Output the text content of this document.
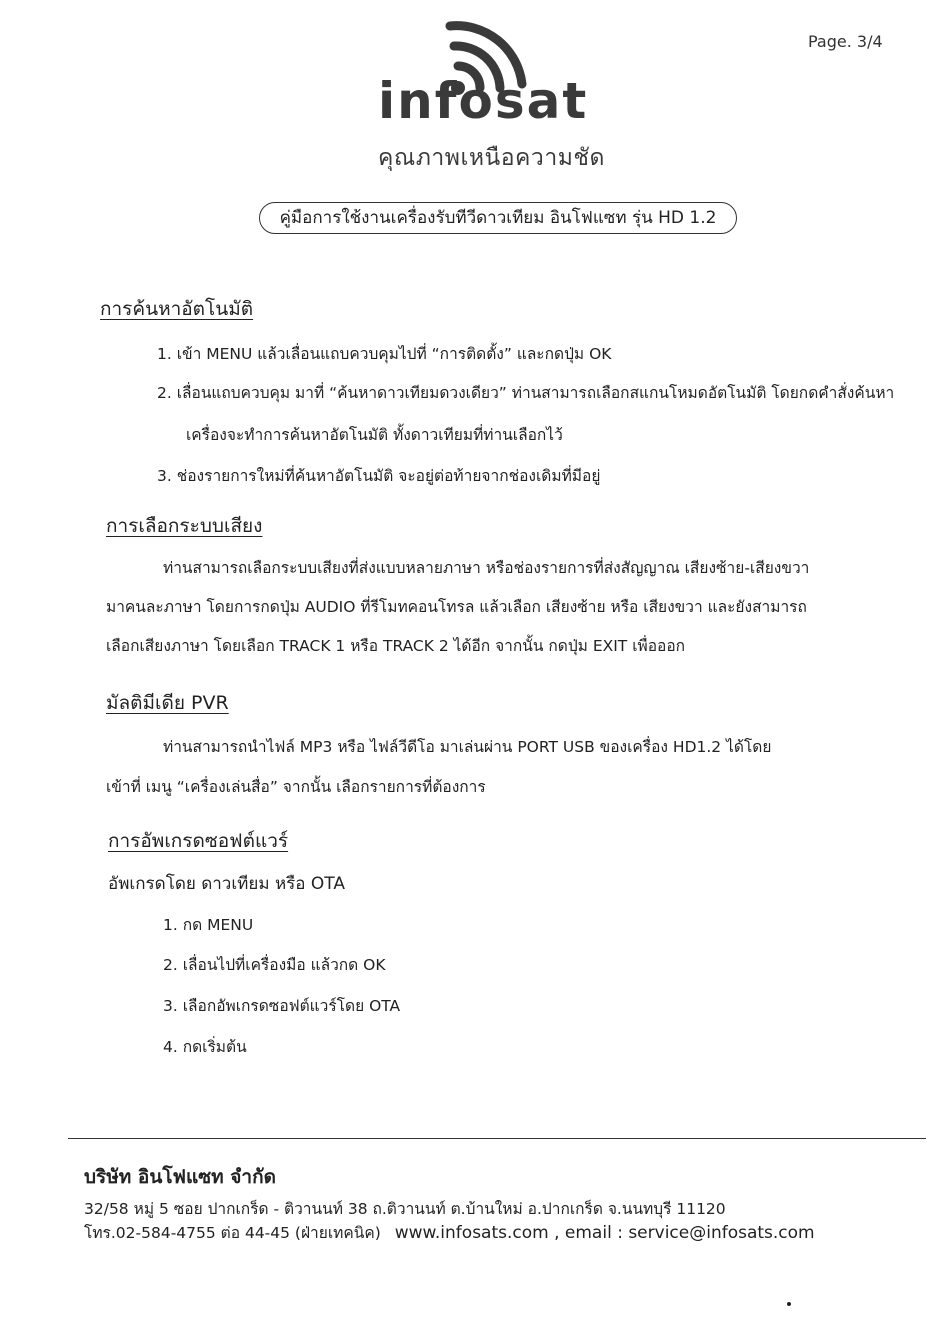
Page. 3/4
infosat
คุณภาพเหนือความชัด
คู่มือการใช้งานเครื่องรับทีวีดาวเทียม อินโฟแซท รุ่น HD 1.2
การค้นหาอัตโนมัติ
1. เข้า MENU แล้วเลื่อนแถบควบคุมไปที่ “การติดตั้ง” และกดปุ่ม OK
2. เลื่อนแถบควบคุม มาที่ “ค้นหาดาวเทียมดวงเดียว” ท่านสามารถเลือกสแกนโหมดอัตโนมัติ โดยกดคำสั่งค้นหา
เครื่องจะทำการค้นหาอัตโนมัติ ทั้งดาวเทียมที่ท่านเลือกไว้
3. ช่องรายการใหม่ที่ค้นหาอัตโนมัติ จะอยู่ต่อท้ายจากช่องเดิมที่มีอยู่
การเลือกระบบเสียง
ท่านสามารถเลือกระบบเสียงที่ส่งแบบหลายภาษา หรือช่องรายการที่ส่งสัญญาณ เสียงซ้าย-เสียงขวา
มาคนละภาษา โดยการกดปุ่ม AUDIO ที่รีโมทคอนโทรล แล้วเลือก เสียงซ้าย หรือ เสียงขวา และยังสามารถ
เลือกเสียงภาษา โดยเลือก TRACK 1 หรือ TRACK 2 ได้อีก จากนั้น กดปุ่ม EXIT เพื่อออก
มัลติมีเดีย PVR
ท่านสามารถนำไฟล์ MP3 หรือ ไฟล์วีดีโอ มาเล่นผ่าน PORT USB ของเครื่อง HD1.2 ได้โดย
เข้าที่ เมนู “เครื่องเล่นสื่อ” จากนั้น เลือกรายการที่ต้องการ
การอัพเกรดซอฟต์แวร์
อัพเกรดโดย ดาวเทียม หรือ OTA
1. กด MENU
2. เลื่อนไปที่เครื่องมือ แล้วกด OK
3. เลือกอัพเกรดซอฟต์แวร์โดย OTA
4. กดเริ่มต้น
บริษัท อินโฟแซท จำกัด
32/58 หมู่ 5 ซอย ปากเกร็ด - ติวานนท์ 38 ถ.ติวานนท์ ต.บ้านใหม่ อ.ปากเกร็ด จ.นนทบุรี 11120
โทร.02-584-4755 ต่อ 44-45 (ฝ่ายเทคนิค) www.infosats.com , email : service@infosats.com
